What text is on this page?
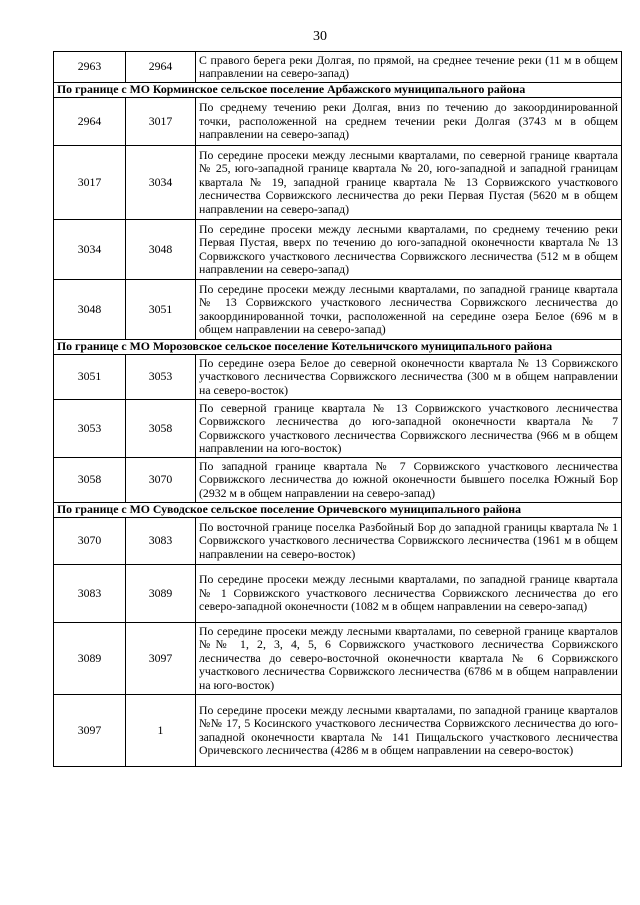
30
2963	2964	С правого берега реки Долгая, по прямой, на среднее течение реки (11 м в общем направлении на северо-запад)
По границе с МО Корминское сельское поселение Арбажского муниципального района		
2964	3017	По среднему течению реки Долгая, вниз по течению до закоординированной точки, расположенной на среднем течении реки Долгая (3743 м в общем направлении на северо-запад)
3017	3034	По середине просеки между лесными кварталами, по северной границе квартала № 25, юго-западной границе квартала № 20, юго-западной и западной границам квартала № 19, западной границе квартала № 13 Сорвижского участкового лесничества Сорвижского лесничества до реки Первая Пустая (5620 м в общем направлении на северо-запад)
3034	3048	По середине просеки между лесными кварталами, по среднему течению реки Первая Пустая, вверх по течению до юго-западной оконечности квартала № 13 Сорвижского участкового лесничества Сорвижского лесничества (512 м в общем направлении на северо-запад)
3048	3051	По середине просеки между лесными кварталами, по западной границе квартала № 13 Сорвижского участкового лесничества Сорвижского лесничества до закоординированной точки, расположенной на середине озера Белое (696 м в общем направлении на северо-запад)
По границе с МО Морозовское сельское поселение Котельничского муниципального района		
3051	3053	По середине озера Белое до северной оконечности квартала № 13 Сорвижского участкового лесничества Сорвижского лесничества (300 м в общем направлении на северо-восток)
3053	3058	По северной границе квартала № 13 Сорвижского участкового лесничества Сорвижского лесничества до юго-западной оконечности квартала № 7 Сорвижского участкового лесничества Сорвижского лесничества (966 м в общем направлении на юго-восток)
3058	3070	По западной границе квартала № 7 Сорвижского участкового лесничества Сорвижского лесничества до южной оконечности бывшего поселка Южный Бор (2932 м в общем направлении на северо-запад)
По границе с МО Суводское сельское поселение Оричевского муниципального района		
3070	3083	По восточной границе поселка Разбойный Бор до западной границы квартала № 1 Сорвижского участкового лесничества Сорвижского лесничества (1961 м в общем направлении на северо-восток)
3083	3089	По середине просеки между лесными кварталами, по западной границе квартала № 1 Сорвижского участкового лесничества Сорвижского лесничества до его северо-западной оконечности (1082 м в общем направлении на северо-запад)
3089	3097	По середине просеки между лесными кварталами, по северной границе кварталов №№ 1, 2, 3, 4, 5, 6 Сорвижского участкового лесничества Сорвижского лесничества до северо-восточной оконечности квартала № 6 Сорвижского участкового лесничества Сорвижского лесничества (6786 м в общем направлении на юго-восток)
3097	1	По середине просеки между лесными кварталами, по западной границе кварталов №№ 17, 5 Косинского участкового лесничества Сорвижского лесничества до юго-западной оконечности квартала № 141 Пищальского участкового лесничества Оричевского лесничества (4286 м в общем направлении на северо-восток)
